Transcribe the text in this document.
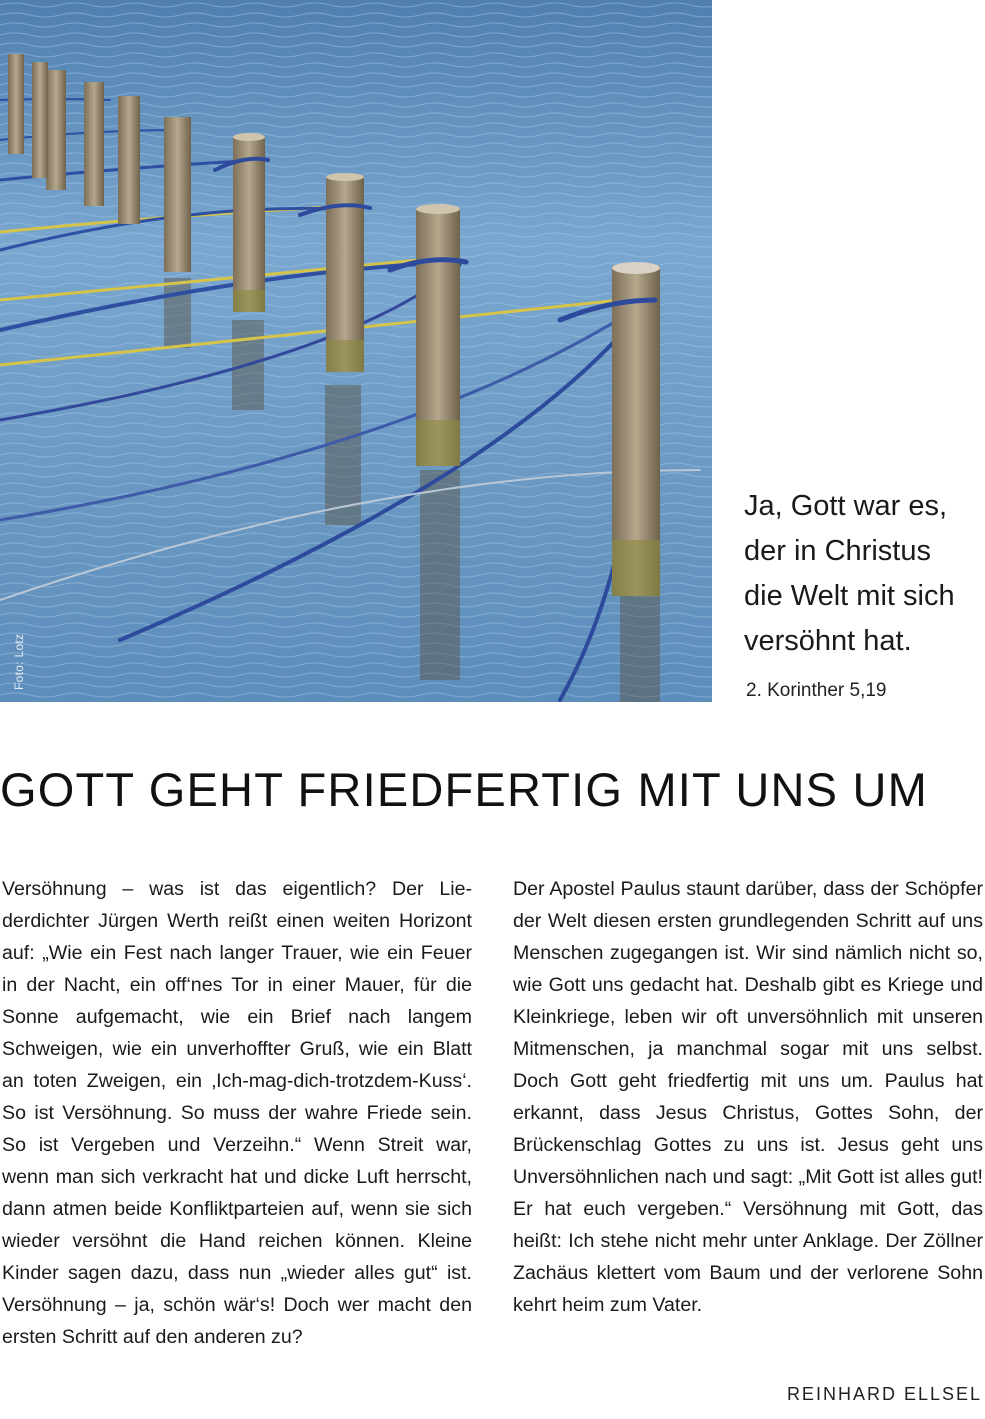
Foto: Lotz
Ja, Gott war es,
der in Christus
die Welt mit sich
versöhnt hat.
2. Korinther 5,19
GOTT GEHT FRIEDFERTIG MIT UNS UM
Versöhnung – was ist das eigentlich? Der Liederdichter Jürgen Werth reißt einen weiten Horizont auf: „Wie ein Fest nach langer Trauer, wie ein Feuer in der Nacht, ein off‘nes Tor in einer Mauer, für die Sonne aufgemacht, wie ein Brief nach langem Schweigen, wie ein unverhoffter Gruß, wie ein Blatt an toten Zweigen, ein ‚Ich-mag-dich-trotzdem-Kuss‘. So ist Versöhnung. So muss der wahre Friede sein. So ist Vergeben und Verzeihn.“ Wenn Streit war, wenn man sich verkracht hat und dicke Luft herrscht, dann atmen beide Konfliktparteien auf, wenn sie sich wieder versöhnt die Hand reichen können. Kleine Kinder sagen dazu, dass nun „wieder alles gut“ ist. Versöhnung – ja, schön wär‘s! Doch wer macht den ersten Schritt auf den anderen zu?
Der Apostel Paulus staunt darüber, dass der Schöpfer der Welt diesen ersten grundlegenden Schritt auf uns Menschen zugegangen ist. Wir sind nämlich nicht so, wie Gott uns gedacht hat. Deshalb gibt es Kriege und Kleinkriege, leben wir oft unversöhnlich mit unseren Mitmenschen, ja manchmal sogar mit uns selbst. Doch Gott geht friedfertig mit uns um. Paulus hat erkannt, dass Jesus Christus, Gottes Sohn, der Brückenschlag Gottes zu uns ist. Jesus geht uns Unversöhnlichen nach und sagt: „Mit Gott ist alles gut! Er hat euch vergeben.“ Versöhnung mit Gott, das heißt: Ich stehe nicht mehr unter Anklage. Der Zöllner Zachäus klettert vom Baum und der verlorene Sohn kehrt heim zum Vater.
REINHARD ELLSEL
